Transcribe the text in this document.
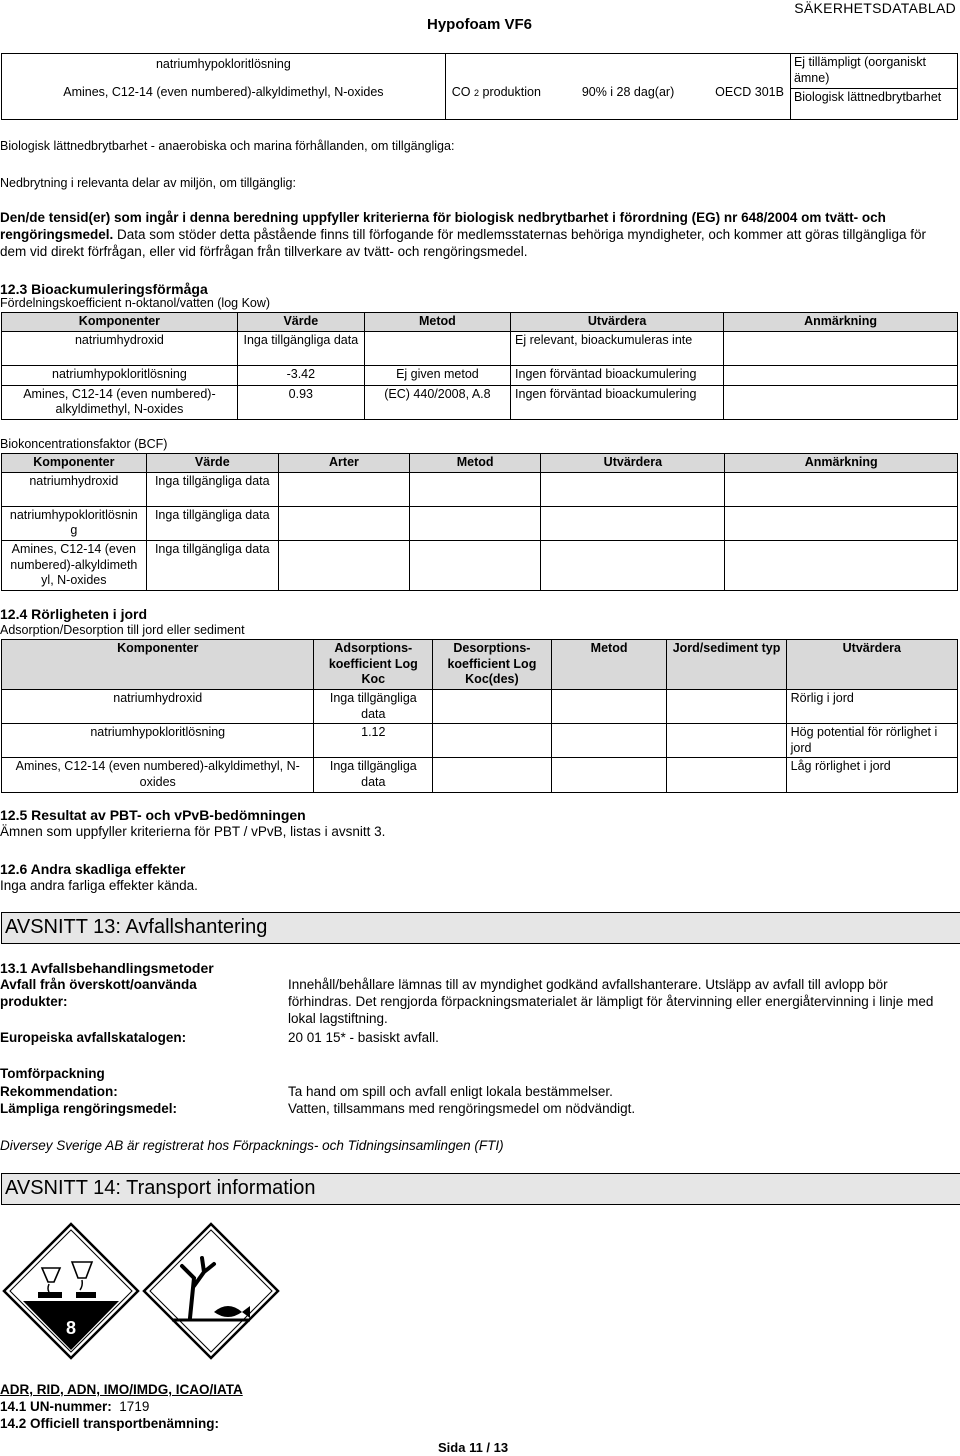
Hypofoam VF6
SÄKERHETSDATABLAD
natriumhypokloritlösning
Amines, C12-14 (even numbered)-alkyldimethyl, N-oxides	CO 2 produktion	90% i 28 dag(ar)	OECD 301B

Ej tillämpligt (oorganiskt ämne)
Biologisk lättnedbrytbarhet
Biologisk lättnedbrytbarhet - anaerobiska och marina förhållanden, om tillgängliga:
Nedbrytning i relevanta delar av miljön, om tillgänglig:
Den/de tensid(er) som ingår i denna beredning uppfyller kriterierna för biologisk nedbrytbarhet i förordning (EG) nr 648/2004 om tvätt- och rengöringsmedel. Data som stöder detta påstående finns till förfogande för medlemsstaternas behöriga myndigheter, och kommer att göras tillgängliga för dem vid direkt förfrågan, eller vid förfrågan från tillverkare av tvätt- och rengöringsmedel.
12.3 Bioackumuleringsförmåga
Fördelningskoefficient n-oktanol/vatten (log Kow)
Komponenter	Värde	Metod	Utvärdera	Anmärkning
natriumhydroxid	Inga tillgängliga data		Ej relevant, bioackumuleras inte	
natriumhypokloritlösning	-3.42	Ej given metod	Ingen förväntad bioackumulering	
Amines, C12-14 (even numbered)-alkyldimethyl, N-oxides	0.93	(EC) 440/2008, A.8	Ingen förväntad bioackumulering	
Biokoncentrationsfaktor (BCF)
Komponenter	Värde	Arter	Metod	Utvärdera	Anmärkning
natriumhydroxid	Inga tillgängliga data				
natriumhypokloritlösnin g	Inga tillgängliga data				
Amines, C12-14 (even numbered)-alkyldimeth yl, N-oxides	Inga tillgängliga data				
12.4 Rörligheten i jord
Adsorption/Desorption till jord eller sediment
Komponenter	Adsorptions-koefficient Log Koc	Desorptions-koefficient Log Koc(des)	Metod	Jord/sediment typ	Utvärdera
natriumhydroxid	Inga tillgängliga data				Rörlig i jord
natriumhypokloritlösning	1.12				Hög potential för rörlighet i jord
Amines, C12-14 (even numbered)-alkyldimethyl, N-oxides	Inga tillgängliga data				Låg rörlighet i jord
12.5 Resultat av PBT- och vPvB-bedömningen
Ämnen som uppfyller kriterierna för PBT / vPvB, listas i avsnitt 3.
12.6 Andra skadliga effekter
Inga andra farliga effekter kända.
AVSNITT 13: Avfallshantering
13.1 Avfallsbehandlingsmetoder
Avfall från överskott/oanvända produkter:
Innehåll/behållare lämnas till av myndighet godkänd avfallshanterare. Utsläpp av avfall till avlopp bör förhindras. Det rengjorda förpackningsmaterialet är lämpligt för återvinning eller energiåtervinning i linje med lokal lagstiftning.
Europeiska avfallskatalogen:	20 01 15* - basiskt avfall.
Tomförpackning
Rekommendation:	Ta hand om spill och avfall enligt lokala bestämmelser.
Lämpliga rengöringsmedel:	Vatten, tillsammans med rengöringsmedel om nödvändigt.
Diversey Sverige AB är registrerat hos Förpacknings- och Tidningsinsamlingen (FTI)
AVSNITT 14: Transport information
8
ADR, RID, ADN, IMO/IMDG, ICAO/IATA
14.1 UN-nummer: 1719
14.2 Officiell transportbenämning:
Sida 11 / 13
